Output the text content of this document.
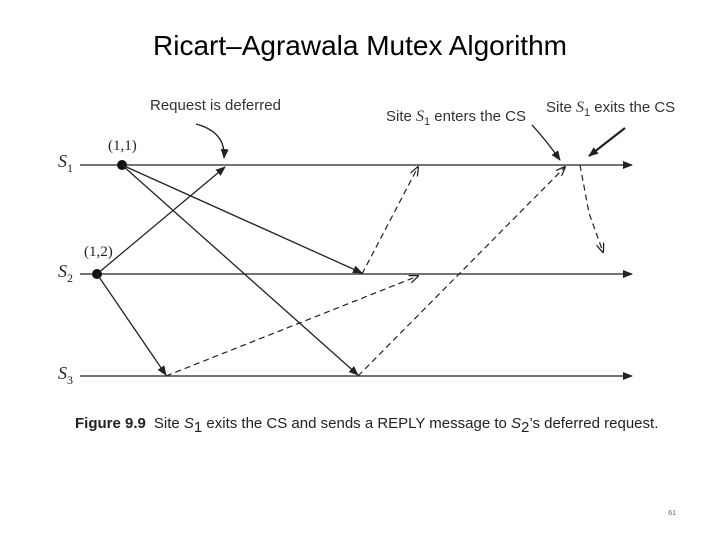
Ricart–Agrawala Mutex Algorithm
$S_1$
$S_2$
$S_3$
(1,1)
(1,2)
Request is deferred
Site $S_1$ enters the CS
Site $S_1$ exits the CS
Figure 9.9 Site S1 exits the CS and sends a REPLY message to S2’s deferred request.
61
